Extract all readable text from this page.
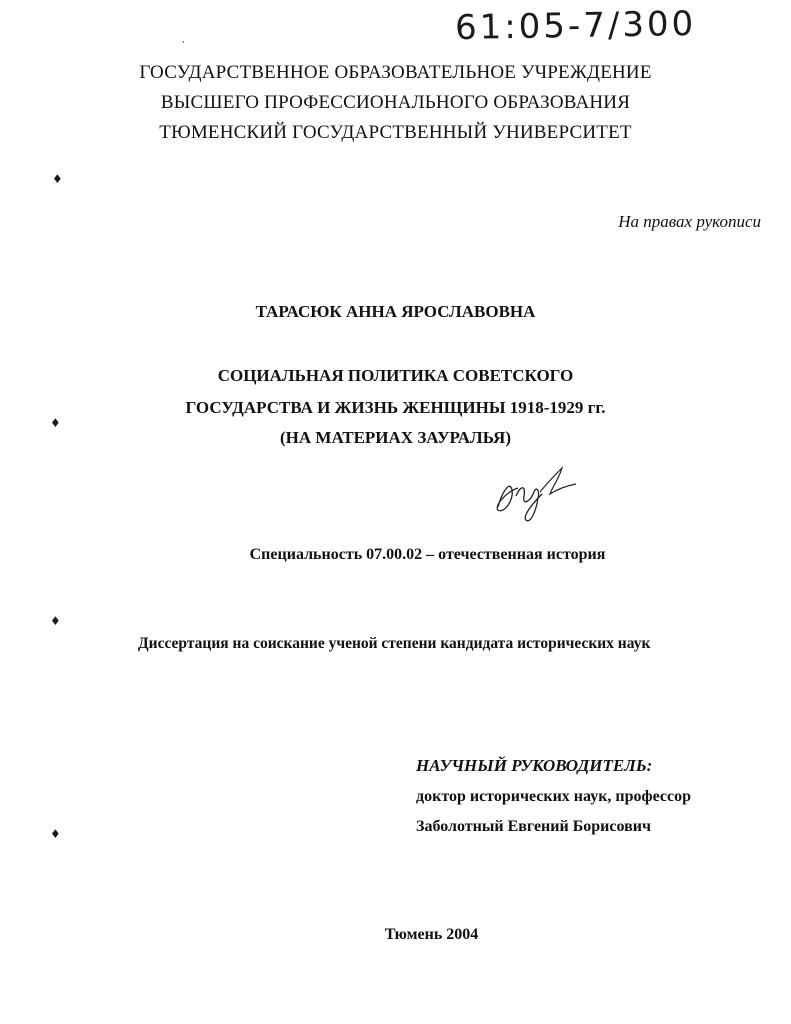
61:05-7/300
‘
ГОСУДАРСТВЕННОЕ ОБРАЗОВАТЕЛЬНОЕ УЧРЕЖДЕНИЕ
ВЫСШЕГО ПРОФЕССИОНАЛЬНОГО ОБРАЗОВАНИЯ
ТЮМЕНСКИЙ ГОСУДАРСТВЕННЫЙ УНИВЕРСИТЕТ
♦
♦
♦
♦
На правах рукописи
ТАРАСЮК АННА ЯРОСЛАВОВНА
СОЦИАЛЬНАЯ ПОЛИТИКА СОВЕТСКОГО
ГОСУДАРСТВА И ЖИЗНЬ ЖЕНЩИНЫ 1918-1929 гг.
(НА МАТЕРИАХ ЗАУРАЛЬЯ)
Специальность 07.00.02 – отечественная история
Диссертация на соискание ученой степени кандидата исторических наук
НАУЧНЫЙ РУКОВОДИТЕЛЬ:
доктор исторических наук, профессор
Заболотный Евгений Борисович
Тюмень 2004
